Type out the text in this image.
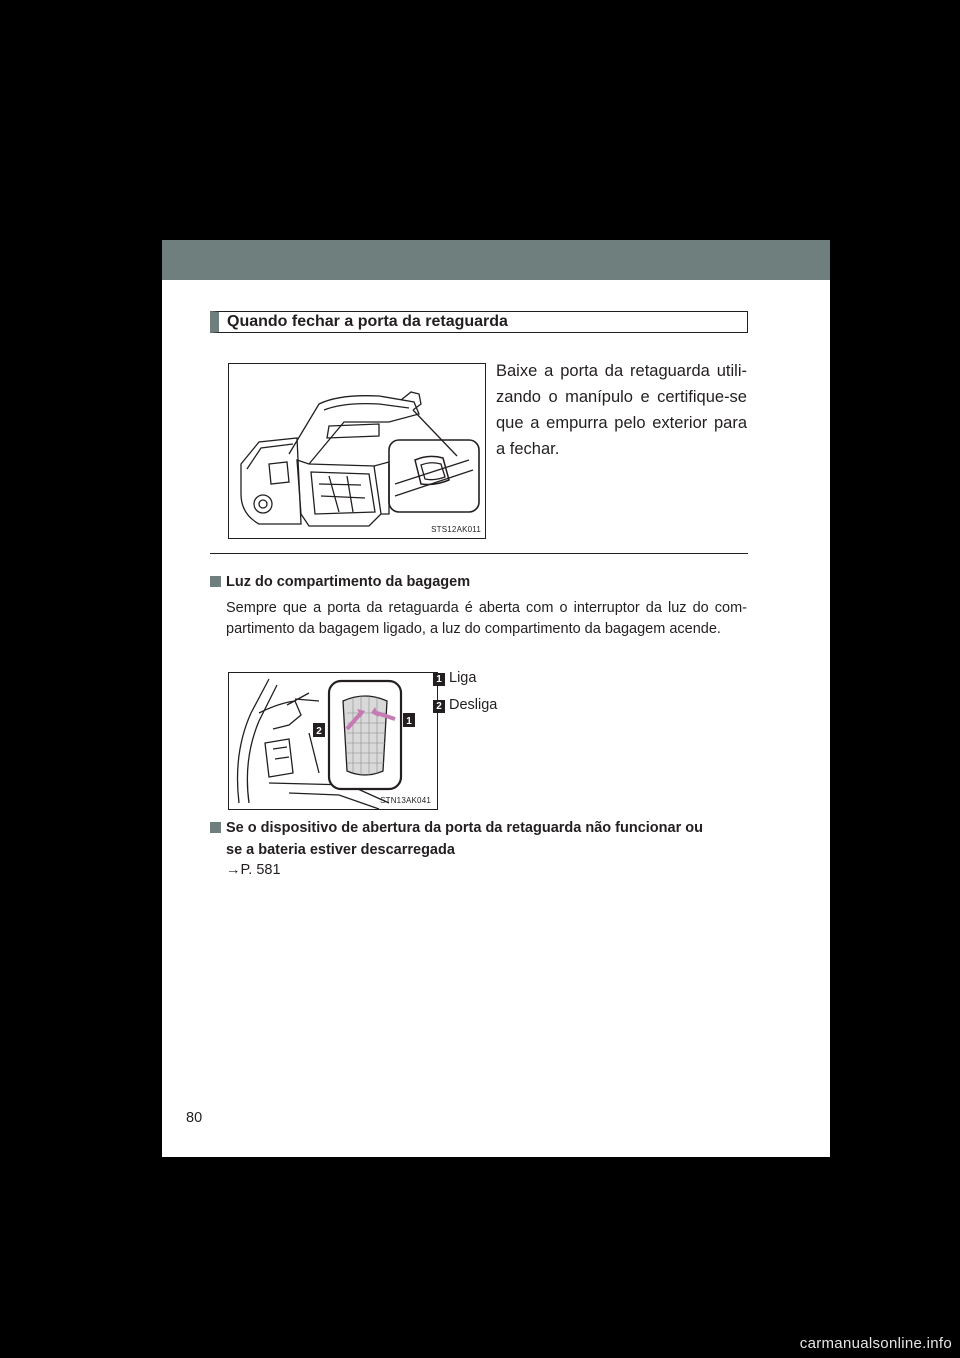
Quando fechar a porta da retaguarda
STS12AK011
Baixe a porta da retaguarda utili-zando o manípulo e certifique-se que a empurra pelo exterior para a fechar.
Luz do compartimento da bagagem
Sempre que a porta da retaguarda é aberta com o interruptor da luz do com-partimento da bagagem ligado, a luz do compartimento da bagagem acende.
2
1
STN13AK041
1 Liga
2 Desliga
Se o dispositivo de abertura da porta da retaguarda não funcionar ou
se a bateria estiver descarregada
→P. 581
80
carmanualsonline.info
